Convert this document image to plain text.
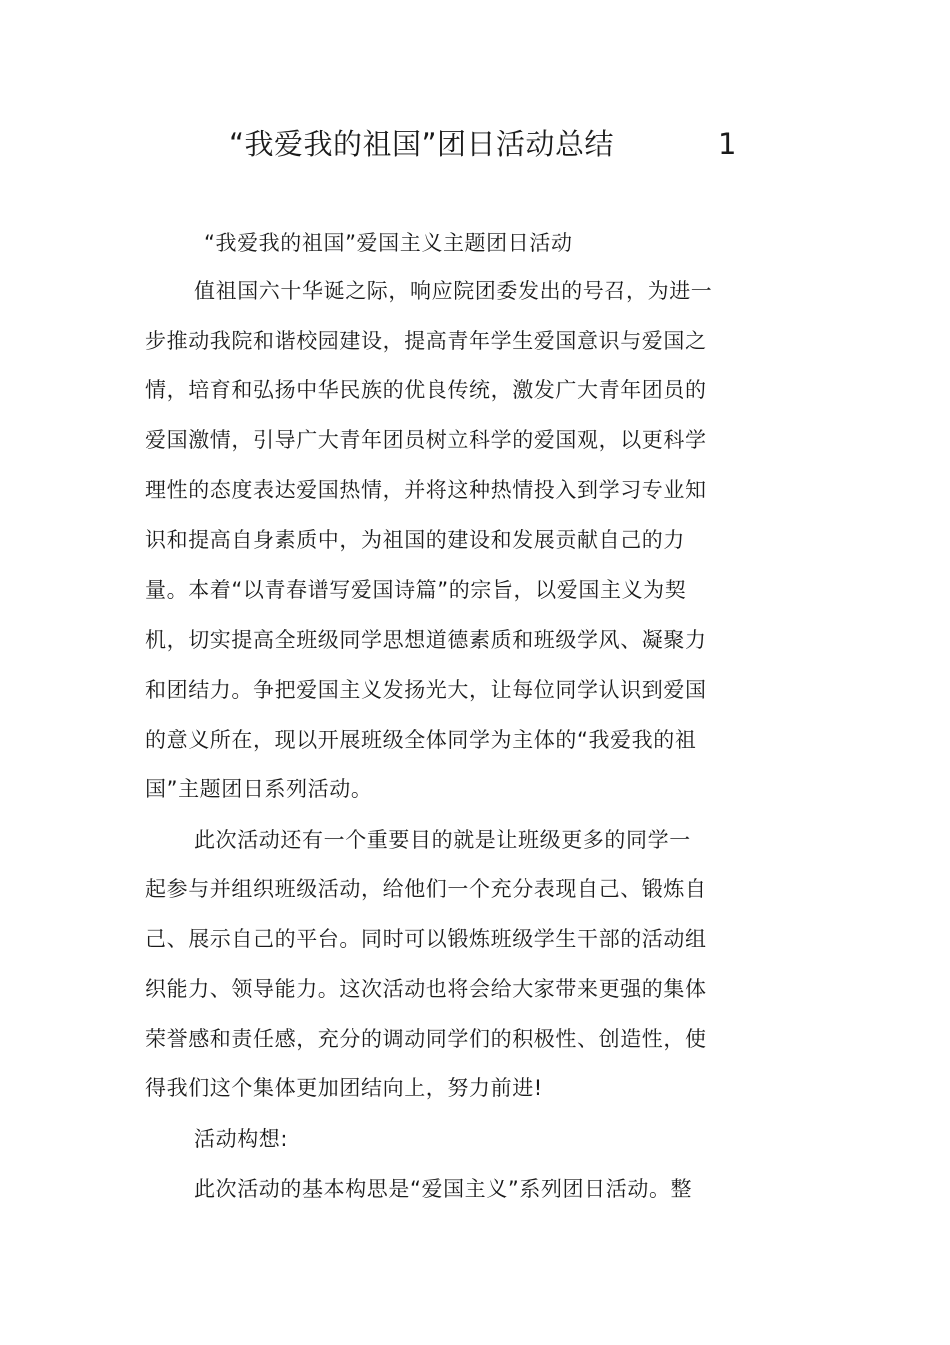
“我爱我的祖国”团日活动总结	1
“我爱我的祖国”爱国主义主题团日活动
值祖国六十华诞之际，响应院团委发出的号召，为进一
步推动我院和谐校园建设，提高青年学生爱国意识与爱国之
情，培育和弘扬中华民族的优良传统，激发广大青年团员的
爱国激情，引导广大青年团员树立科学的爱国观，以更科学
理性的态度表达爱国热情，并将这种热情投入到学习专业知
识和提高自身素质中，为祖国的建设和发展贡献自己的力
量。本着“以青春谱写爱国诗篇”的宗旨，以爱国主义为契
机，切实提高全班级同学思想道德素质和班级学风、凝聚力
和团结力。争把爱国主义发扬光大，让每位同学认识到爱国
的意义所在，现以开展班级全体同学为主体的“我爱我的祖
国”主题团日系列活动。
此次活动还有一个重要目的就是让班级更多的同学一
起参与并组织班级活动，给他们一个充分表现自己、锻炼自
己、展示自己的平台。同时可以锻炼班级学生干部的活动组
织能力、领导能力。这次活动也将会给大家带来更强的集体
荣誉感和责任感，充分的调动同学们的积极性、创造性，使
得我们这个集体更加团结向上，努力前进!
活动构想:
此次活动的基本构思是“爱国主义”系列团日活动。整
